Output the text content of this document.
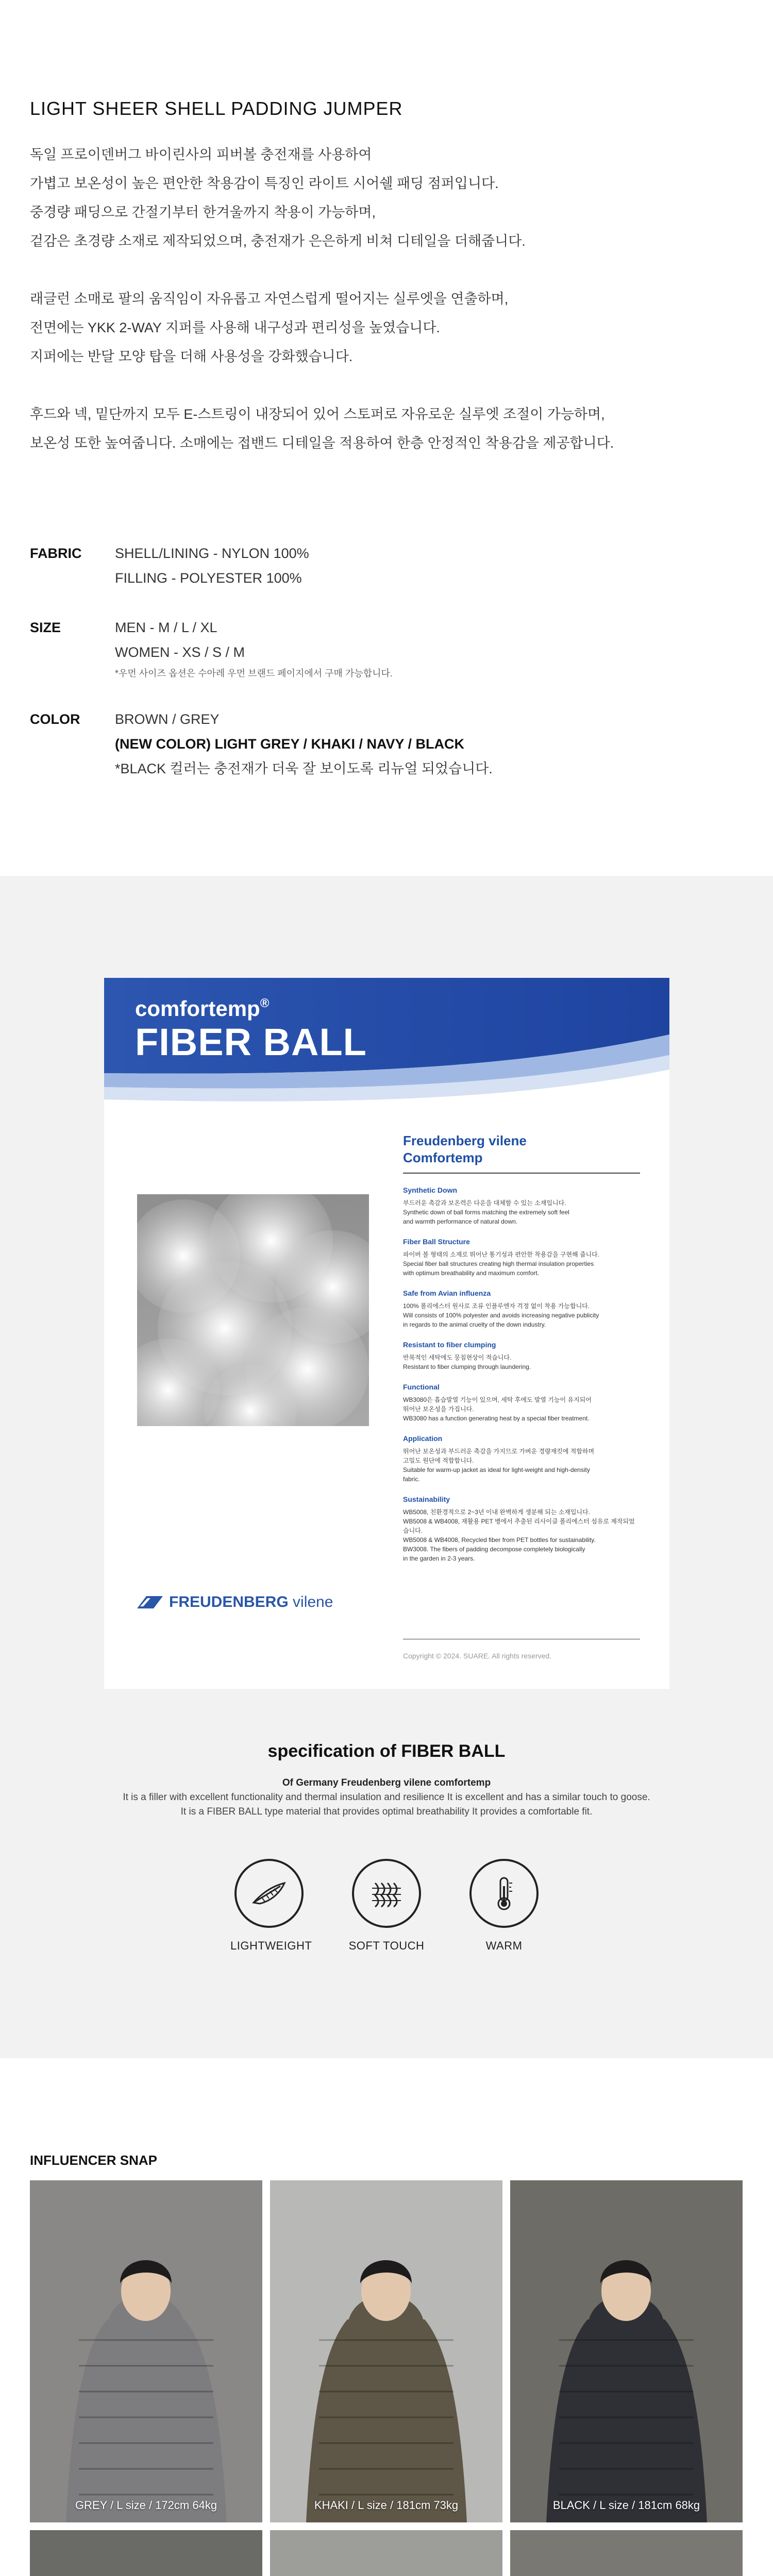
LIGHT SHEER SHELL PADDING JUMPER

독일 프로이덴버그 바이린사의 피버볼 충전재를 사용하여

가볍고 보온성이 높은 편안한 착용감이 특징인 라이트 시어쉘 패딩 점퍼입니다.

중경량 패딩으로 간절기부터 한겨울까지 착용이 가능하며,

겉감은 초경량 소재로 제작되었으며, 충전재가 은은하게 비쳐 디테일을 더해줍니다.

래글런 소매로 팔의 움직임이 자유롭고 자연스럽게 떨어지는 실루엣을 연출하며,

전면에는 YKK 2-WAY 지퍼를 사용해 내구성과 편리성을 높였습니다.

지퍼에는 반달 모양 탑을 더해 사용성을 강화했습니다.

후드와 넥, 밑단까지 모두 E-스트링이 내장되어 있어 스토퍼로 자유로운 실루엣 조절이 가능하며,

보온성 또한 높여줍니다. 소매에는 접밴드 디테일을 적용하여 한층 안정적인 착용감을 제공합니다.

FABRIC	SHELL/LINING - NYLON 100%
FILLING - POLYESTER 100%
SIZE	MEN - M / L / XL
WOMEN - XS / S / M
*우먼 사이즈 옵션은 수아레 우먼 브랜드 페이지에서 구매 가능합니다.
COLOR	BROWN / GREY
(NEW COLOR) LIGHT GREY / KHAKI / NAVY / BLACK
*BLACK 컬러는 충전재가 더욱 잘 보이도록 리뉴얼 되었습니다.
comfortemp®
FIBER BALL
FREUDENBERG vilene
Freudenberg vilene
Comfortemp
Synthetic Down
부드러운 촉감과 보온력은 다운을 대체할 수 있는 소재입니다.
Synthetic down of ball forms matching the extremely soft feel
and warmth performance of natural down.
Fiber Ball Structure
파이버 볼 형태의 소재로 뛰어난 통기성과 편안한 착용감을 구현해 줍니다.
Special fiber ball structures creating high thermal insulation properties
with optimum breathability and maximum comfort.
Safe from Avian influenza
100% 폴리에스터 원사로 조류 인플루엔자 걱정 없이 착용 가능합니다.
Will consists of 100% polyester and avoids increasing negative publicity
in regards to the animal cruelty of the down industry.
Resistant to fiber clumping
반복적인 세탁에도 뭉침현상이 적습니다.
Resistant to fiber clumping through laundering.
Functional
WB3080은 흡습발열 기능이 있으며, 세탁 후에도 발열 기능이 유지되어
뛰어난 보온성을 가집니다.
WB3080 has a function generating heat by a special fiber treatment.
Application
뛰어난 보온성과 부드러운 촉감을 가지므로 가벼운 경량재킷에 적합하며
고밀도 원단에 적합합니다.
Suitable for warm-up jacket as ideal for light-weight and high-density
fabric.
Sustainability
WB5008, 친환경적으로 2~3년 이내 완벽하게 생분해 되는 소재입니다.
WB5008 & WB4008, 재활용 PET 병에서 추출된 리사이클 폴리에스터 섬유로 제작되었습니다.
WB5008 & WB4008, Recycled fiber from PET bottles for sustainability.
BW3008. The fibers of padding decompose completely biologically
in the garden in 2-3 years.
Copyright © 2024. SUARE. All rights reserved.
specification of FIBER BALL
Of Germany Freudenberg vilene comfortemp
It is a filler with excellent functionality and thermal insulation and resilience It is excellent and has a similar touch to goose.
It is a FIBER BALL type material that provides optimal breathability It provides a comfortable fit.
LIGHTWEIGHT	SOFT TOUCH	WARM
INFLUENCER SNAP
GREY / L size / 172cm 64kg	KHAKI / L size / 181cm 73kg	BLACK / L size / 181cm 68kg
